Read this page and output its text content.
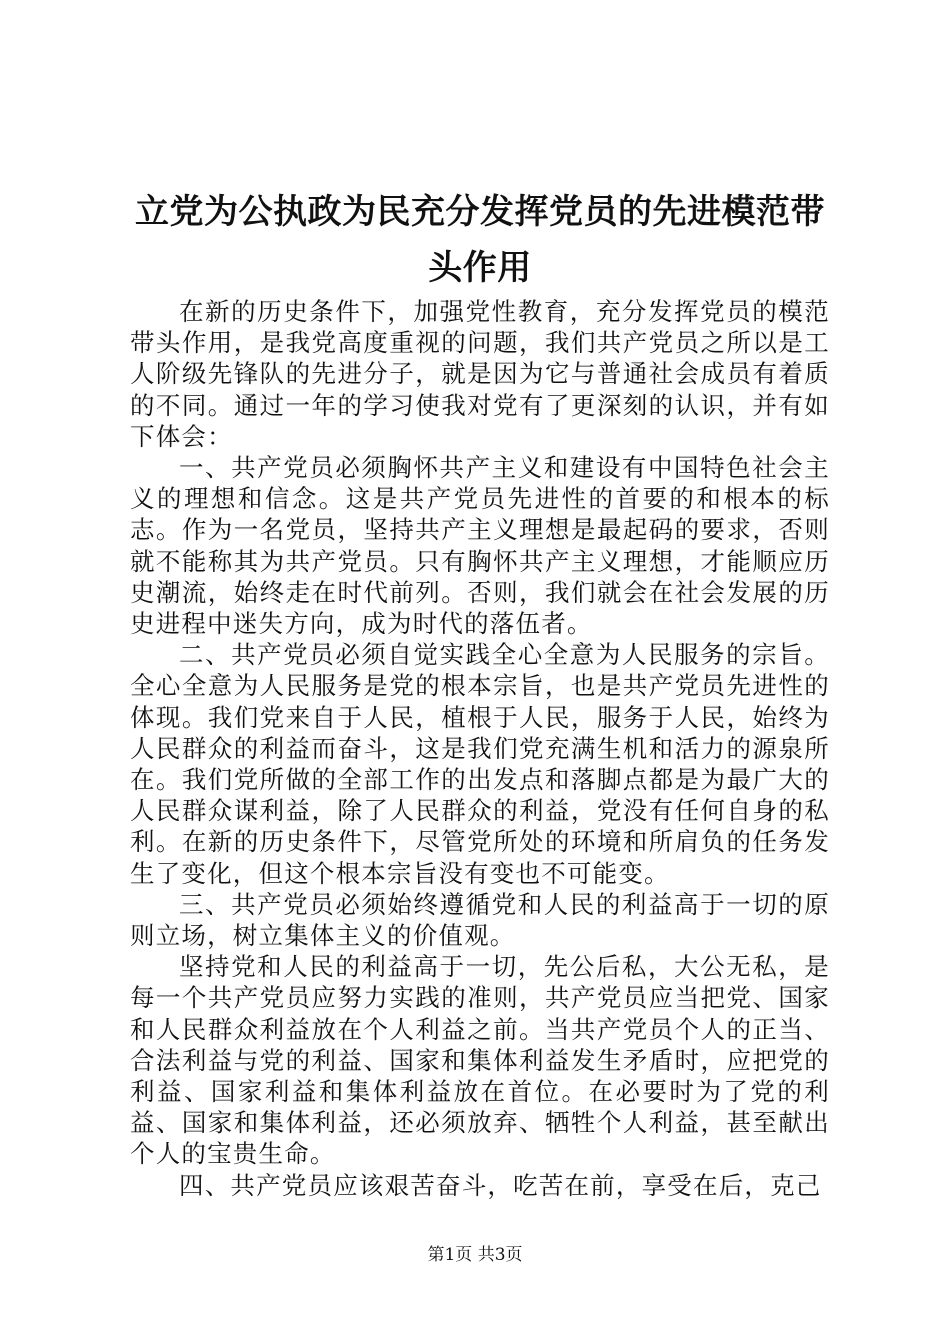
立党为公执政为民充分发挥党员的先进模范带头作用

在新的历史条件下，加强党性教育，充分发挥党员的模范带头作用，是我党高度重视的问题，我们共产党员之所以是工人阶级先锋队的先进分子，就是因为它与普通社会成员有着质的不同。通过一年的学习使我对党有了更深刻的认识，并有如下体会：

一、共产党员必须胸怀共产主义和建设有中国特色社会主义的理想和信念。这是共产党员先进性的首要的和根本的标志。作为一名党员，坚持共产主义理想是最起码的要求，否则就不能称其为共产党员。只有胸怀共产主义理想，才能顺应历史潮流，始终走在时代前列。否则，我们就会在社会发展的历史进程中迷失方向，成为时代的落伍者。

二、共产党员必须自觉实践全心全意为人民服务的宗旨。全心全意为人民服务是党的根本宗旨，也是共产党员先进性的体现。我们党来自于人民，植根于人民，服务于人民，始终为人民群众的利益而奋斗，这是我们党充满生机和活力的源泉所在。我们党所做的全部工作的出发点和落脚点都是为最广大的人民群众谋利益，除了人民群众的利益，党没有任何自身的私利。在新的历史条件下，尽管党所处的环境和所肩负的任务发生了变化，但这个根本宗旨没有变也不可能变。

三、共产党员必须始终遵循党和人民的利益高于一切的原则立场，树立集体主义的价值观。

坚持党和人民的利益高于一切，先公后私，大公无私，是每一个共产党员应努力实践的准则，共产党员应当把党、国家和人民群众利益放在个人利益之前。当共产党员个人的正当、合法利益与党的利益、国家和集体利益发生矛盾时，应把党的利益、国家利益和集体利益放在首位。在必要时为了党的利益、国家和集体利益，还必须放弃、牺牲个人利益，甚至献出个人的宝贵生命。

四、共产党员应该艰苦奋斗，吃苦在前，享受在后，克己

第1页 共3页
